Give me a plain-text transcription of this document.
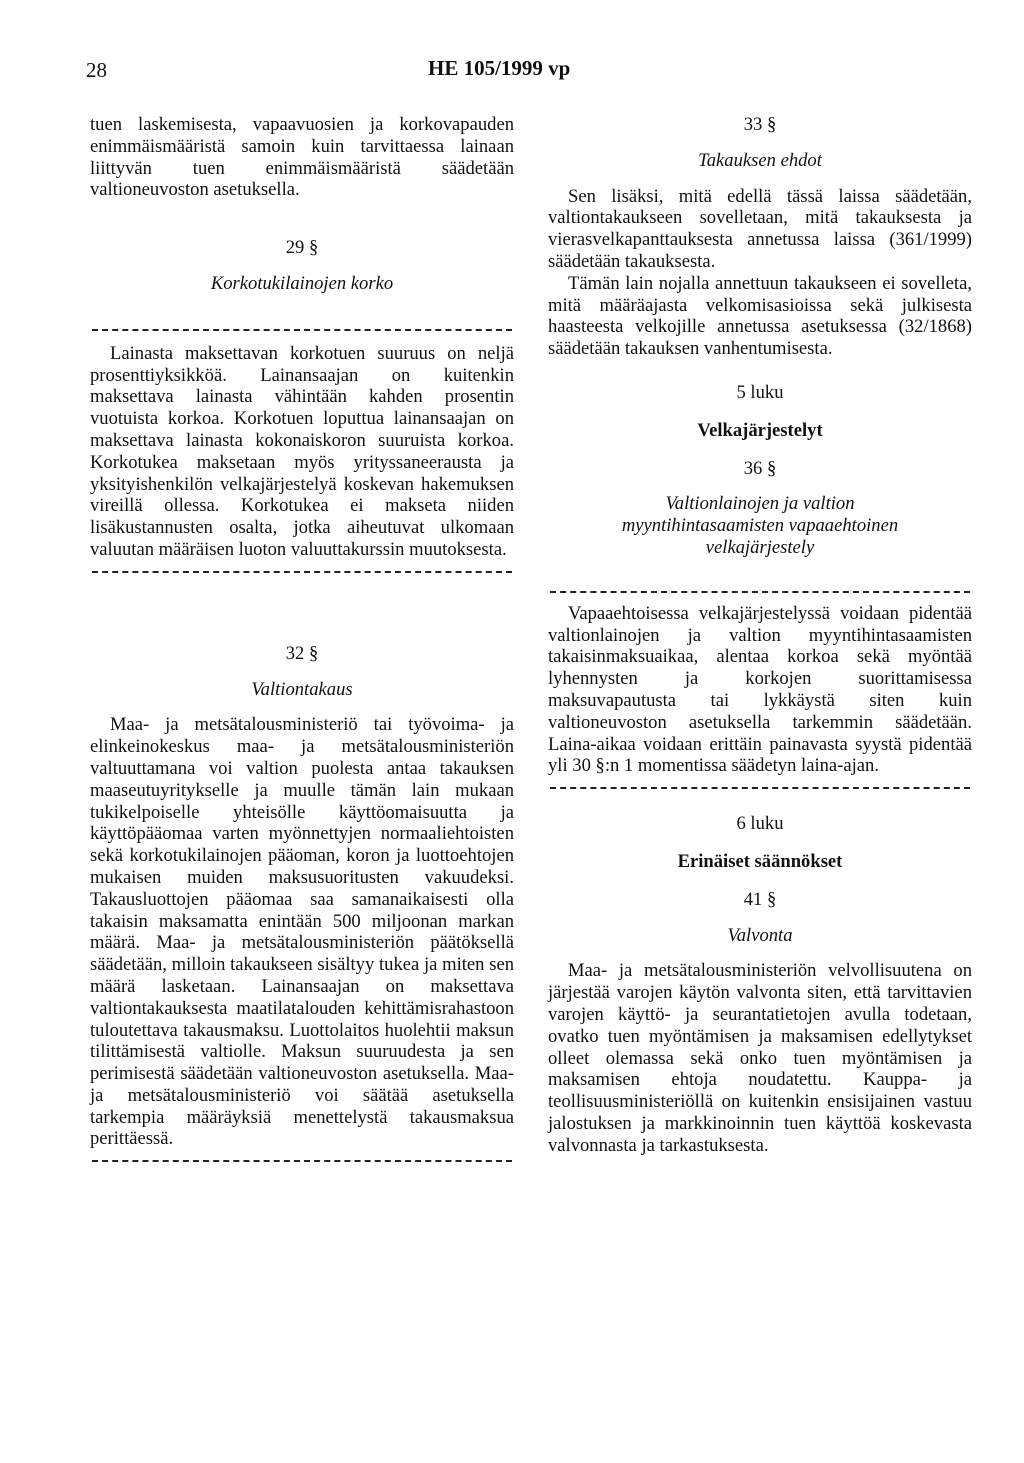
28	HE 105/1999 vp

tuen laskemisesta, vapaavuosien ja korkovapauden enimmäismääristä samoin kuin tarvittaessa lainaan liittyvän tuen enimmäismääristä säädetään valtioneuvoston asetuksella.

29 §
Korkotukilainojen korko

Lainasta maksettavan korkotuen suuruus on neljä prosenttiyksikköä. Lainansaajan on kuitenkin maksettava lainasta vähintään kahden prosentin vuotuista korkoa. Korkotuen loputtua lainansaajan on maksettava lainasta kokonaiskoron suuruista korkoa. Korkotukea maksetaan myös yrityssaneerausta ja yksityishenkilön velkajärjestelyä koskevan hakemuksen vireillä ollessa. Korkotukea ei makseta niiden lisäkustannusten osalta, jotka aiheutuvat ulkomaan valuutan määräisen luoton valuuttakurssin muutoksesta.

32 §
Valtiontakaus

Maa- ja metsätalousministeriö tai työvoima- ja elinkeinokeskus maa- ja metsätalousministeriön valtuuttamana voi valtion puolesta antaa takauksen maaseutuyritykselle ja muulle tämän lain mukaan tukikelpoiselle yhteisölle käyttöomaisuutta ja käyttöpääomaa varten myönnettyjen normaaliehtoisten sekä korkotukilainojen pääoman, koron ja luottoehtojen mukaisen muiden maksusuoritusten vakuudeksi. Takausluottojen pääomaa saa samanaikaisesti olla takaisin maksamatta enintään 500 miljoonan markan määrä. Maa- ja metsätalousministeriön päätöksellä säädetään, milloin takaukseen sisältyy tukea ja miten sen määrä lasketaan. Lainansaajan on maksettava valtiontakauksesta maatilatalouden kehittämisrahastoon tuloutettava takausmaksu. Luottolaitos huolehtii maksun tilittämisestä valtiolle. Maksun suuruudesta ja sen perimisestä säädetään valtioneuvoston asetuksella. Maa- ja metsätalousministeriö voi säätää asetuksella tarkempia määräyksiä menettelystä takausmaksua perittäessä.

33 §
Takauksen ehdot

Sen lisäksi, mitä edellä tässä laissa säädetään, valtiontakaukseen sovelletaan, mitä takauksesta ja vierasvelkapanttauksesta annetussa laissa (361/1999) säädetään takauksesta.

Tämän lain nojalla annettuun takaukseen ei sovelleta, mitä määräajasta velkomisasioissa sekä julkisesta haasteesta velkojille annetussa asetuksessa (32/1868) säädetään takauksen vanhentumisesta.

5 luku
Velkajärjestelyt
36 §
Valtionlainojen ja valtion myyntihintasaamisten vapaaehtoinen velkajärjestely

Vapaaehtoisessa velkajärjestelyssä voidaan pidentää valtionlainojen ja valtion myyntihintasaamisten takaisinmaksuaikaa, alentaa korkoa sekä myöntää lyhennysten ja korkojen suorittamisessa maksuvapautusta tai lykkäystä siten kuin valtioneuvoston asetuksella tarkemmin säädetään. Laina-aikaa voidaan erittäin painavasta syystä pidentää yli 30 §:n 1 momentissa säädetyn laina-ajan.

6 luku
Erinäiset säännökset
41 §
Valvonta

Maa- ja metsätalousministeriön velvollisuutena on järjestää varojen käytön valvonta siten, että tarvittavien varojen käyttö- ja seurantatietojen avulla todetaan, ovatko tuen myöntämisen ja maksamisen edellytykset olleet olemassa sekä onko tuen myöntämisen ja maksamisen ehtoja noudatettu. Kauppa- ja teollisuusministeriöllä on kuitenkin ensisijainen vastuu jalostuksen ja markkinoinnin tuen käyttöä koskevasta valvonnasta ja tarkastuksesta.
